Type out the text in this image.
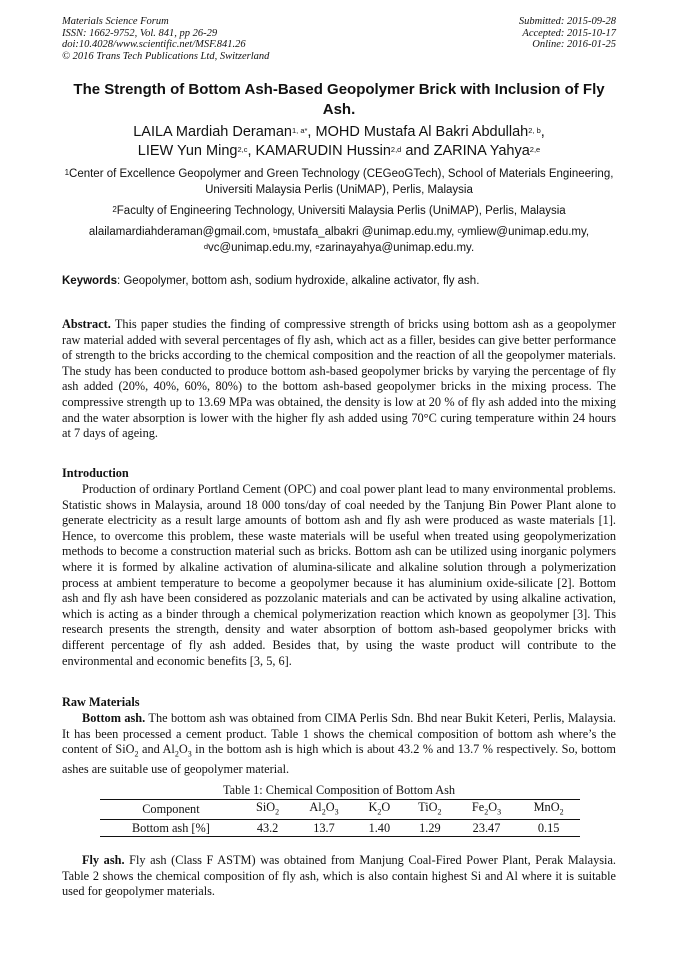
Materials Science Forum
ISSN: 1662-9752, Vol. 841, pp 26-29
doi:10.4028/www.scientific.net/MSF.841.26
© 2016 Trans Tech Publications Ltd, Switzerland
Submitted: 2015-09-28
Accepted: 2015-10-17
Online: 2016-01-25
The Strength of Bottom Ash-Based Geopolymer Brick with Inclusion of Fly Ash.
LAILA Mardiah Deraman$^{1, a*}$, MOHD Mustafa Al Bakri Abdullah$^{2, b}$,
LIEW Yun Ming$^{2,c}$, KAMARUDIN Hussin$^{2,d}$ and ZARINA Yahya$^{2,e}$
$^1$Center of Excellence Geopolymer and Green Technology (CEGeoGTech), School of Materials Engineering, Universiti Malaysia Perlis (UniMAP), Perlis, Malaysia
$^2$Faculty of Engineering Technology, Universiti Malaysia Perlis (UniMAP), Perlis, Malaysia
alailamardiahderaman@gmail.com, $^b$mustafa_albakri @unimap.edu.my, $^c$ymliew@unimap.edu.my,
$^d$vc@unimap.edu.my, $^e$zarinayahya@unimap.edu.my.
Keywords: Geopolymer, bottom ash, sodium hydroxide, alkaline activator, fly ash.
Abstract. This paper studies the finding of compressive strength of bricks using bottom ash as a geopolymer raw material added with several percentages of fly ash, which act as a filler, besides can give better performance of strength to the bricks according to the chemical composition and the reaction of all the geopolymer materials. The study has been conducted to produce bottom ash-based geopolymer bricks by varying the percentage of fly ash added (20%, 40%, 60%, 80%) to the bottom ash-based geopolymer bricks in the mixing process. The compressive strength up to 13.69 MPa was obtained, the density is low at 20 % of fly ash added into the mixing and the water absorption is lower with the higher fly ash added using 70°C curing temperature within 24 hours at 7 days of ageing.
Introduction
Production of ordinary Portland Cement (OPC) and coal power plant lead to many environmental problems. Statistic shows in Malaysia, around 18 000 tons/day of coal needed by the Tanjung Bin Power Plant alone to generate electricity as a result large amounts of bottom ash and fly ash were produced as waste materials [1]. Hence, to overcome this problem, these waste materials will be useful when treated using geopolymerization methods to become a construction material such as bricks. Bottom ash can be utilized using inorganic polymers where it is formed by alkaline activation of alumina-silicate and alkaline solution through a polymerization process at ambient temperature to become a geopolymer because it has aluminium oxide-silicate [2]. Bottom ash and fly ash have been considered as pozzolanic materials and can be activated by using alkaline activation, which is acting as a binder through a chemical polymerization reaction which known as geopolymer [3]. This research presents the strength, density and water absorption of bottom ash-based geopolymer bricks with different percentage of fly ash added. Besides that, by using the waste product will contribute to the environmental and economic benefits [3, 5, 6].
Raw Materials
Bottom ash. The bottom ash was obtained from CIMA Perlis Sdn. Bhd near Bukit Keteri, Perlis, Malaysia. It has been processed a cement product. Table 1 shows the chemical composition of bottom ash where’s the content of SiO$_2$ and $Al_2O_3$ in the bottom ash is high which is about 43.2 % and 13.7 % respectively. So, bottom ashes are suitable use of geopolymer material.
Table 1: Chemical Composition of Bottom Ash
Component	SiO$_2$	$Al_2O_3$	$K_2O$	TiO$_2$	$Fe_2O_3$	MnO$_2$
Bottom ash [%]	43.2	13.7	1.40	1.29	23.47	0.15
Fly ash. Fly ash (Class F ASTM) was obtained from Manjung Coal-Fired Power Plant, Perak Malaysia. Table 2 shows the chemical composition of fly ash, which is also contain highest Si and Al where it is suitable used for geopolymer materials.
